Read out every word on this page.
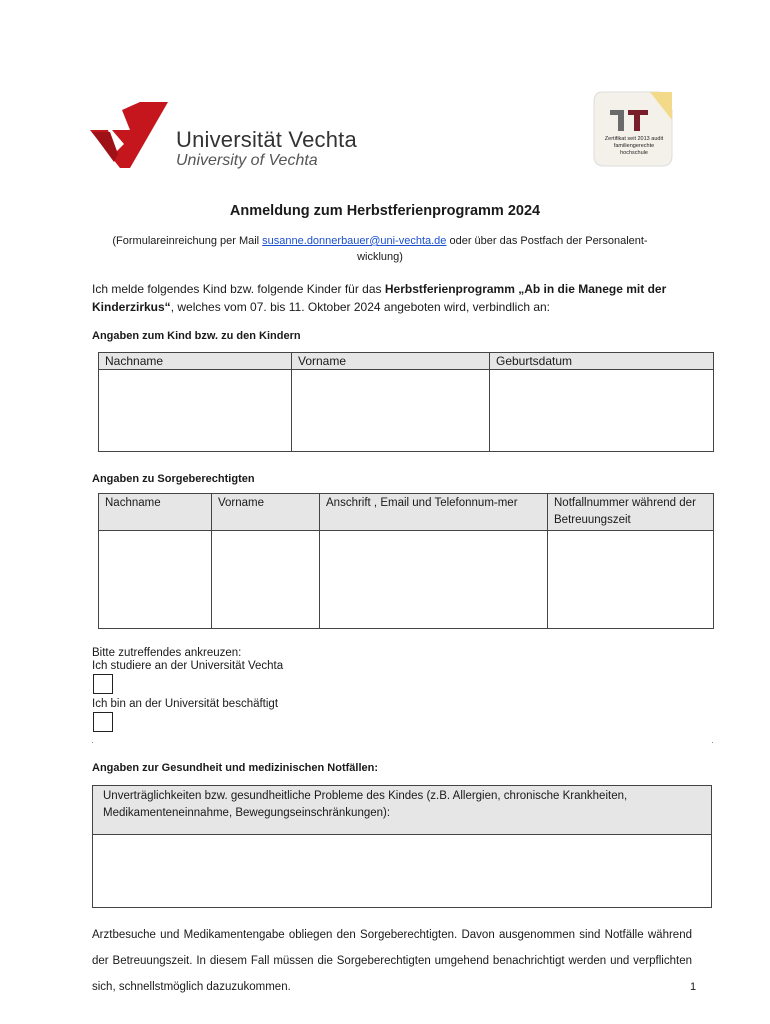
Universität Vechta
University of Vechta
Zertifikat seit 2013 audit familiengerechte hochschule
Anmeldung zum Herbstferienprogramm 2024
(Formulareinreichung per Mail susanne.donnerbauer@uni-vechta.de oder über das Postfach der Personalent-
wicklung)
Ich melde folgendes Kind bzw. folgende Kinder für das Herbstferienprogramm „Ab in die Manege mit der Kinderzirkus“, welches vom 07. bis 11. Oktober 2024 angeboten wird, verbindlich an:
Angaben zum Kind bzw. zu den Kindern
Nachname	Vorname	Geburtsdatum

Angaben zu Sorgeberechtigten
Nachname	Vorname	Anschrift , Email und Telefonnum-mer	Notfallnummer während der Betreuungszeit

Bitte zutreffendes ankreuzen:
Ich studiere an der Universität Vechta
Ich bin an der Universität beschäftigt
Angaben zur Gesundheit und medizinischen Notfällen:
Unverträglichkeiten bzw. gesundheitliche Probleme des Kindes (z.B. Allergien, chronische Krankheiten, Medikamenteneinnahme, Bewegungseinschränkungen):
Arztbesuche und Medikamentengabe obliegen den Sorgeberechtigten. Davon ausgenommen sind Notfälle während der Betreuungszeit. In diesem Fall müssen die Sorgeberechtigten umgehend benachrichtigt werden und verpflichten sich, schnellstmöglich dazuzukommen.	1
